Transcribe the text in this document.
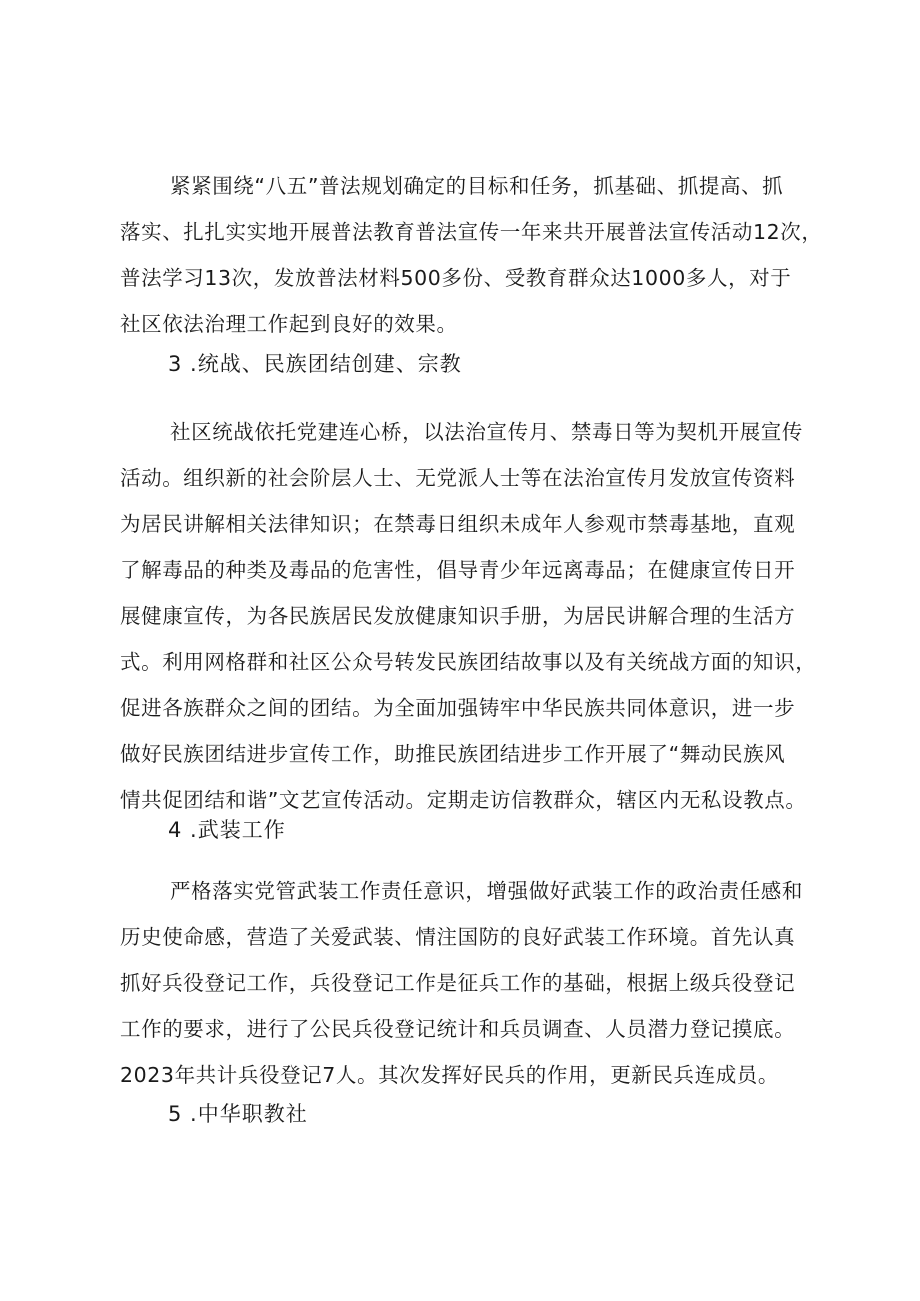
紧紧围绕“八五”普法规划确定的目标和任务，抓基础、抓提高、抓
落实、扎扎实实地开展普法教育普法宣传一年来共开展普法宣传活动12次，
普法学习13次，发放普法材料500多份、受教育群众达1000多人，对于
社区依法治理工作起到良好的效果。
3 .统战、民族团结创建、宗教
社区统战依托党建连心桥，以法治宣传月、禁毒日等为契机开展宣传
活动。组织新的社会阶层人士、无党派人士等在法治宣传月发放宣传资料
为居民讲解相关法律知识；在禁毒日组织未成年人参观市禁毒基地，直观
了解毒品的种类及毒品的危害性，倡导青少年远离毒品；在健康宣传日开
展健康宣传，为各民族居民发放健康知识手册，为居民讲解合理的生活方
式。利用网格群和社区公众号转发民族团结故事以及有关统战方面的知识，
促进各族群众之间的团结。为全面加强铸牢中华民族共同体意识，进一步
做好民族团结进步宣传工作，助推民族团结进步工作开展了“舞动民族风
情共促团结和谐”文艺宣传活动。定期走访信教群众，辖区内无私设教点。
4 .武装工作
严格落实党管武装工作责任意识，增强做好武装工作的政治责任感和
历史使命感，营造了关爱武装、情注国防的良好武装工作环境。首先认真
抓好兵役登记工作，兵役登记工作是征兵工作的基础，根据上级兵役登记
工作的要求，进行了公民兵役登记统计和兵员调查、人员潜力登记摸底。
2023年共计兵役登记7人。其次发挥好民兵的作用，更新民兵连成员。
5 .中华职教社
